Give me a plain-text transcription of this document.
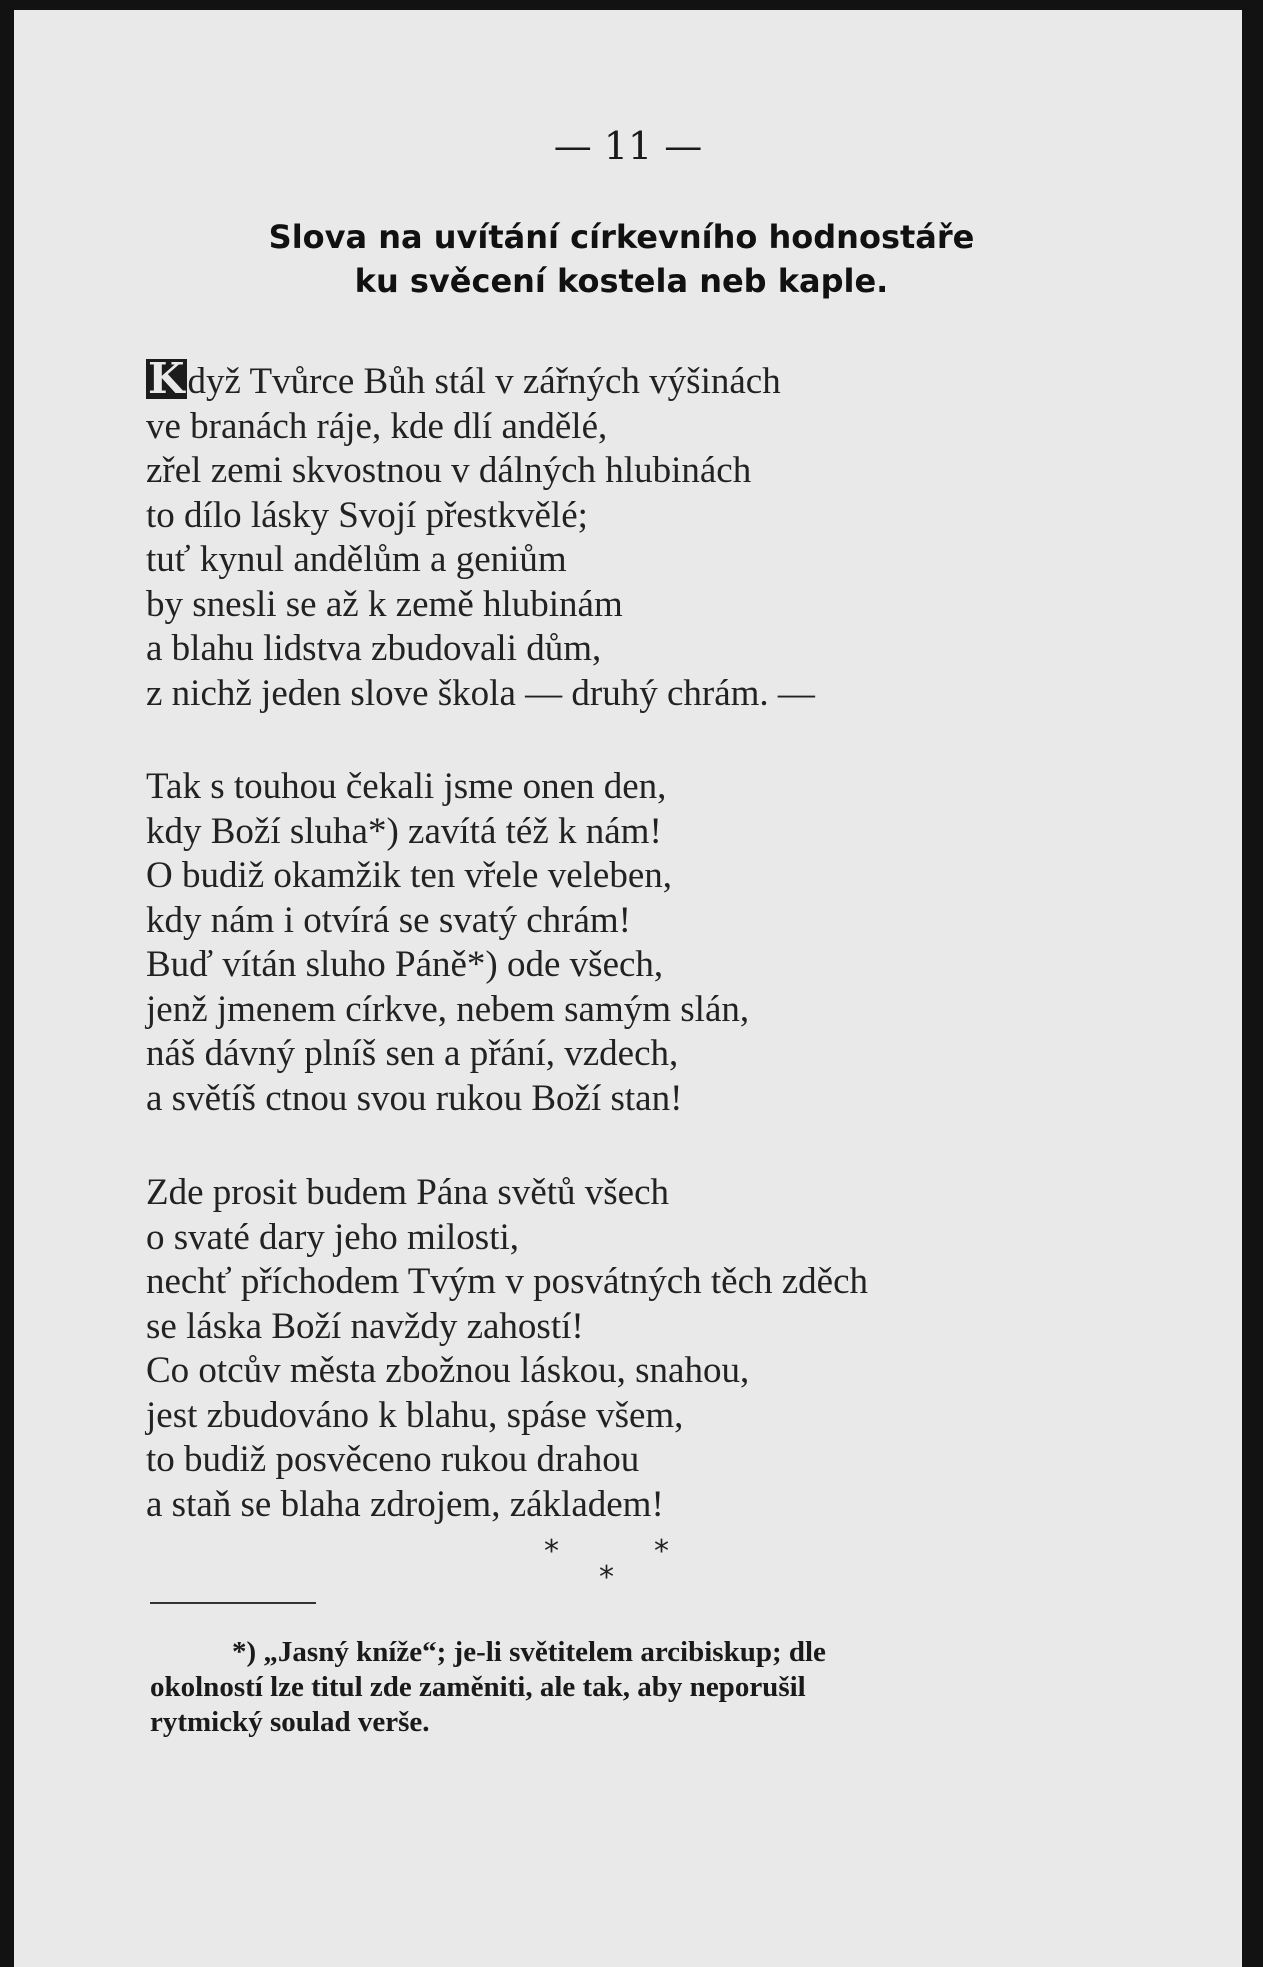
— 11 —
Slova na uvítání církevního hodnostáře
ku svěcení kostela neb kaple.
Když Tvůrce Bůh stál v zářných výšinách
ve branách ráje, kde dlí andělé,
zřel zemi skvostnou v dálných hlubinách
to dílo lásky Svojí přestkvělé;
tuť kynul andělům a geniům
by snesli se až k země hlubinám
a blahu lidstva zbudovali dům,
z nichž jeden slove škola — druhý chrám. —
Tak s touhou čekali jsme onen den,
kdy Boží sluha*) zavítá též k nám!
O budiž okamžik ten vřele veleben,
kdy nám i otvírá se svatý chrám!
Buď vítán sluho Páně*) ode všech,
jenž jmenem církve, nebem samým slán,
náš dávný plníš sen a přání, vzdech,
a světíš ctnou svou rukou Boží stan!
Zde prosit budem Pána světů všech
o svaté dary jeho milosti,
nechť příchodem Tvým v posvátných těch zděch
se láska Boží navždy zahostí!
Co otcův města zbožnou láskou, snahou,
jest zbudováno k blahu, spáse všem,
to budiž posvěceno rukou drahou
a staň se blaha zdrojem, základem!
*	*
*
*) „Jasný kníže“; je-li světitelem arcibiskup; dle
okolností lze titul zde zaměniti, ale tak, aby neporušil
rytmický soulad verše.
